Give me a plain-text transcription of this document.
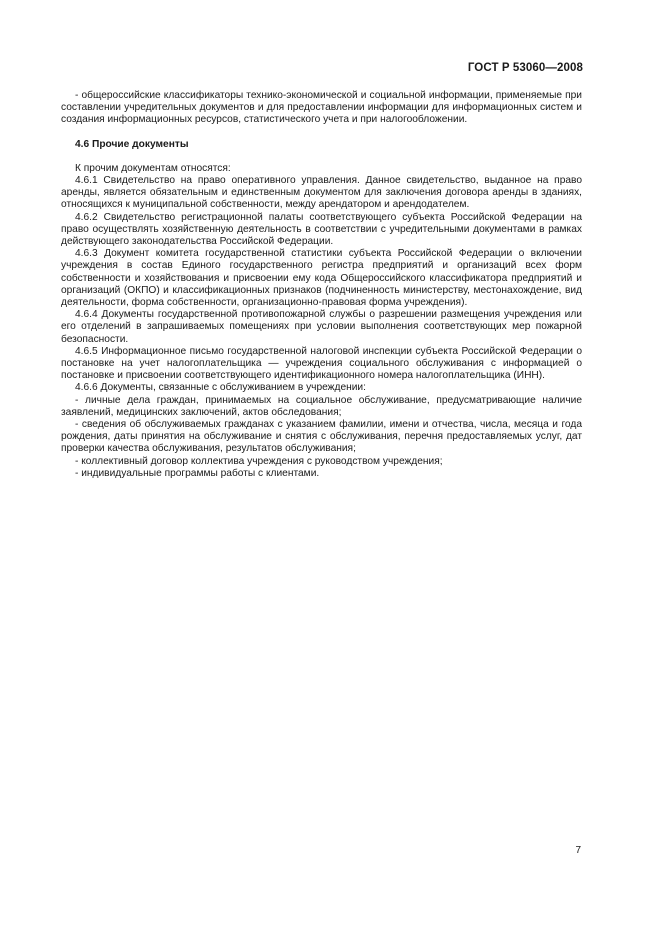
ГОСТ Р 53060—2008

- общероссийские классификаторы технико-экономической и социальной информации, применяемые при составлении учредительных документов и для предоставлении информации для информационных систем и создания информационных ресурсов, статистического учета и при налогообложении.

4.6 Прочие документы

К прочим документам относятся:

4.6.1 Свидетельство на право оперативного управления. Данное свидетельство, выданное на право аренды, является обязательным и единственным документом для заключения договора аренды в зданиях, относящихся к муниципальной собственности, между арендатором и арендодателем.

4.6.2 Свидетельство регистрационной палаты соответствующего субъекта Российской Федерации на право осуществлять хозяйственную деятельность в соответствии с учредительными документами в рамках действующего законодательства Российской Федерации.

4.6.3 Документ комитета государственной статистики субъекта Российской Федерации о включении учреждения в состав Единого государственного регистра предприятий и организаций всех форм собственности и хозяйствования и присвоении ему кода Общероссийского классификатора предприятий и организаций (ОКПО) и классификационных признаков (подчиненность министерству, местонахождение, вид деятельности, форма собственности, организационно-правовая форма учреждения).

4.6.4 Документы государственной противопожарной службы о разрешении размещения учреждения или его отделений в запрашиваемых помещениях при условии выполнения соответствующих мер пожарной безопасности.

4.6.5 Информационное письмо государственной налоговой инспекции субъекта Российской Федерации о постановке на учет налогоплательщика — учреждения социального обслуживания с информацией о постановке и присвоении соответствующего идентификационного номера налогоплательщика (ИНН).

4.6.6 Документы, связанные с обслуживанием в учреждении:

- личные дела граждан, принимаемых на социальное обслуживание, предусматривающие наличие заявлений, медицинских заключений, актов обследования;

- сведения об обслуживаемых гражданах с указанием фамилии, имени и отчества, числа, месяца и года рождения, даты принятия на обслуживание и снятия с обслуживания, перечня предоставляемых услуг, дат проверки качества обслуживания, результатов обслуживания;

- коллективный договор коллектива учреждения с руководством учреждения;

- индивидуальные программы работы с клиентами.

7
